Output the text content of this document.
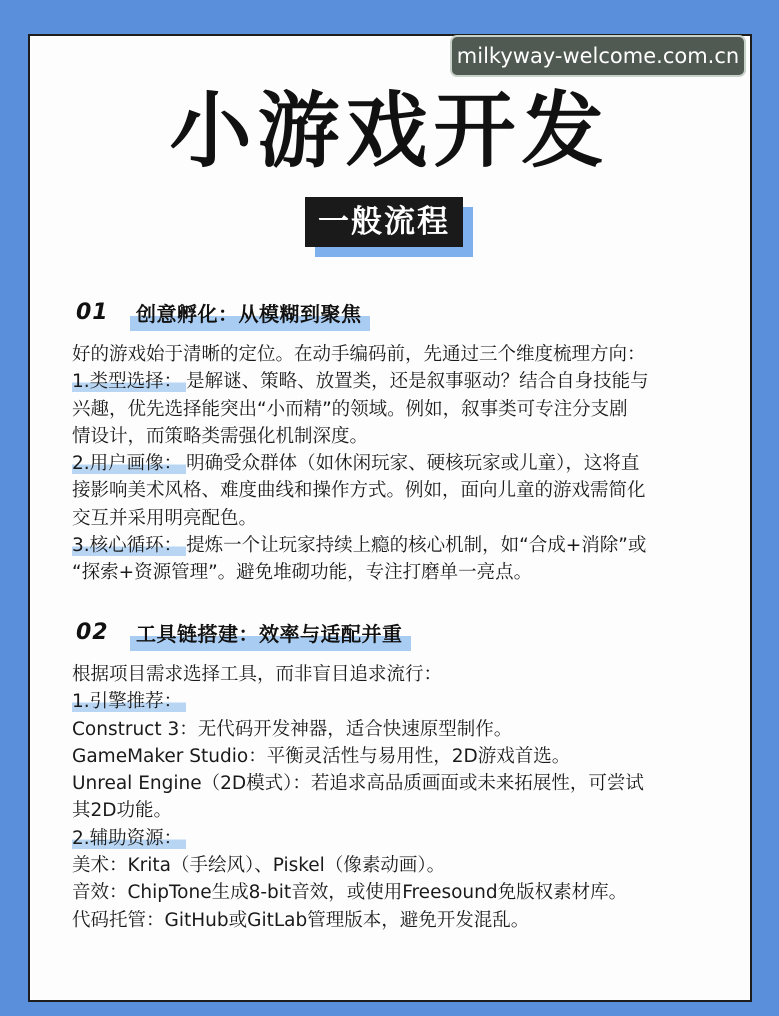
milkyway-welcome.com.cn
小游戏开发
一般流程
01	创意孵化：从模糊到聚焦
好的游戏始于清晰的定位。在动手编码前，先通过三个维度梳理方向：
1.类型选择： 是解谜、策略、放置类，还是叙事驱动？结合自身技能与
兴趣，优先选择能突出“小而精”的领域。例如，叙事类可专注分支剧
情设计，而策略类需强化机制深度。
2.用户画像： 明确受众群体（如休闲玩家、硬核玩家或儿童），这将直
接影响美术风格、难度曲线和操作方式。例如，面向儿童的游戏需简化
交互并采用明亮配色。
3.核心循环： 提炼一个让玩家持续上瘾的核心机制，如“合成+消除”或
“探索+资源管理”。避免堆砌功能，专注打磨单一亮点。
02	工具链搭建：效率与适配并重
根据项目需求选择工具，而非盲目追求流行：
1.引擎推荐：
Construct 3：无代码开发神器，适合快速原型制作。
GameMaker Studio：平衡灵活性与易用性，2D游戏首选。
Unreal Engine（2D模式）：若追求高品质画面或未来拓展性，可尝试
其2D功能。
2.辅助资源：
美术：Krita（手绘风）、Piskel（像素动画）。
音效：ChipTone生成8-bit音效，或使用Freesound免版权素材库。
代码托管：GitHub或GitLab管理版本，避免开发混乱。
